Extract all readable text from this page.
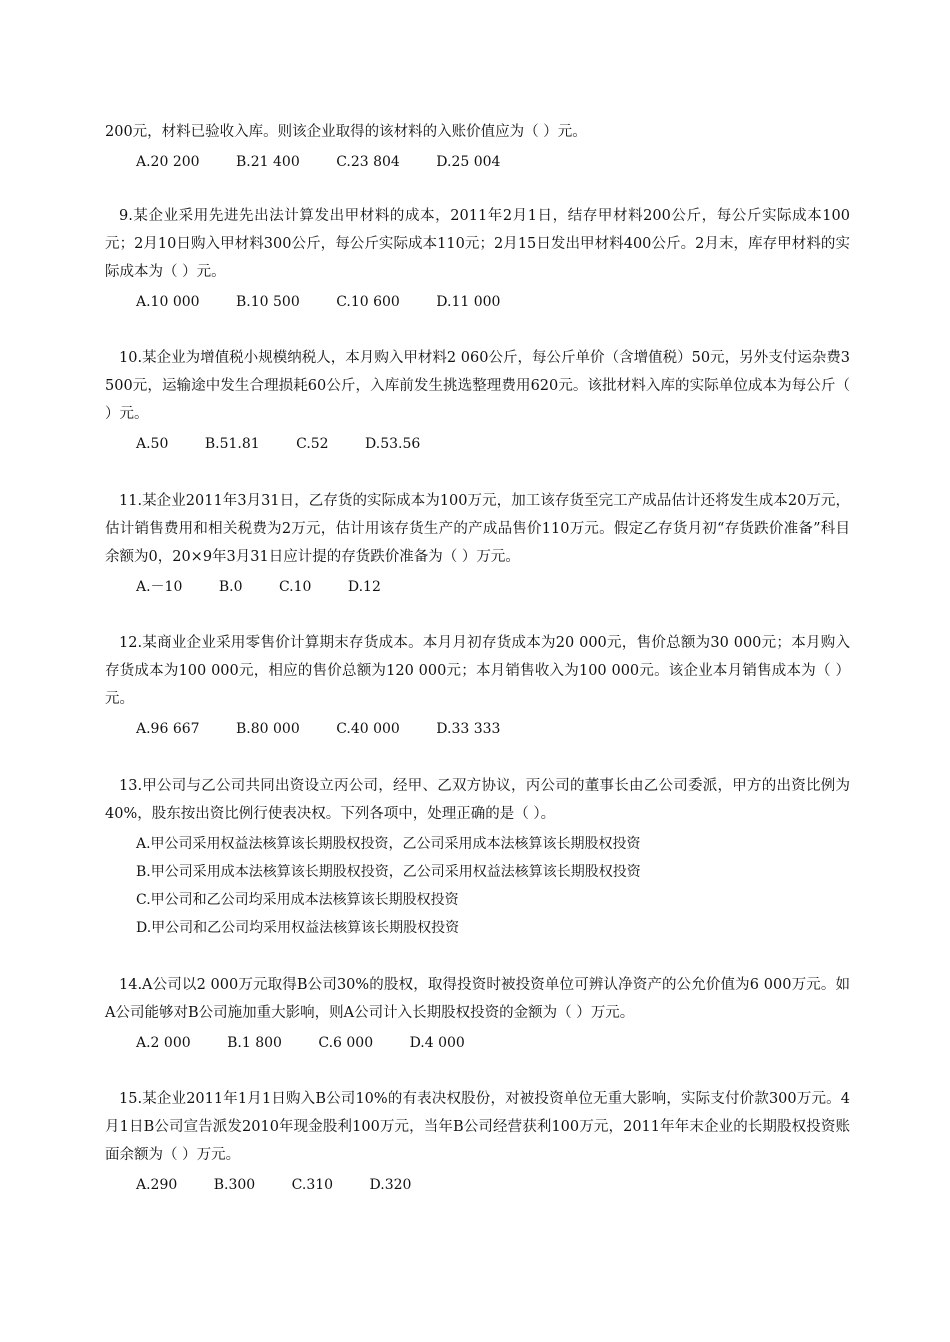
200元，材料已验收入库。则该企业取得的该材料的入账价值应为（ ）元。

A.20 200	B.21 400	C.23 804	D.25 004

9.某企业采用先进先出法计算发出甲材料的成本，2011年2月1日，结存甲材料200公斤，每公斤实际成本100元；2月10日购入甲材料300公斤，每公斤实际成本110元；2月15日发出甲材料400公斤。2月末，库存甲材料的实际成本为（ ）元。

A.10 000	B.10 500	C.10 600	D.11 000

10.某企业为增值税小规模纳税人，本月购入甲材料2 060公斤，每公斤单价（含增值税）50元，另外支付运杂费3 500元，运输途中发生合理损耗60公斤，入库前发生挑选整理费用620元。该批材料入库的实际单位成本为每公斤（ ）元。

A.50	B.51.81	C.52	D.53.56

11.某企业2011年3月31日，乙存货的实际成本为100万元，加工该存货至完工产成品估计还将发生成本20万元，估计销售费用和相关税费为2万元，估计用该存货生产的产成品售价110万元。假定乙存货月初“存货跌价准备”科目余额为0，20×9年3月31日应计提的存货跌价准备为（ ）万元。

A.－10	B.0	C.10	D.12

12.某商业企业采用零售价计算期末存货成本。本月月初存货成本为20 000元，售价总额为30 000元；本月购入存货成本为100 000元，相应的售价总额为120 000元；本月销售收入为100 000元。该企业本月销售成本为（ ）元。

A.96 667	B.80 000	C.40 000	D.33 333

13.甲公司与乙公司共同出资设立丙公司，经甲、乙双方协议，丙公司的董事长由乙公司委派，甲方的出资比例为40%，股东按出资比例行使表决权。下列各项中，处理正确的是（ ）。

A.甲公司采用权益法核算该长期股权投资，乙公司采用成本法核算该长期股权投资
B.甲公司采用成本法核算该长期股权投资，乙公司采用权益法核算该长期股权投资
C.甲公司和乙公司均采用成本法核算该长期股权投资
D.甲公司和乙公司均采用权益法核算该长期股权投资

14.A公司以2 000万元取得B公司30%的股权，取得投资时被投资单位可辨认净资产的公允价值为6 000万元。如A公司能够对B公司施加重大影响，则A公司计入长期股权投资的金额为（ ）万元。

A.2 000	B.1 800	C.6 000	D.4 000

15.某企业2011年1月1日购入B公司10%的有表决权股份，对被投资单位无重大影响，实际支付价款300万元。4月1日B公司宣告派发2010年现金股利100万元，当年B公司经营获利100万元，2011年年末企业的长期股权投资账面余额为（ ）万元。

A.290	B.300	C.310	D.320
